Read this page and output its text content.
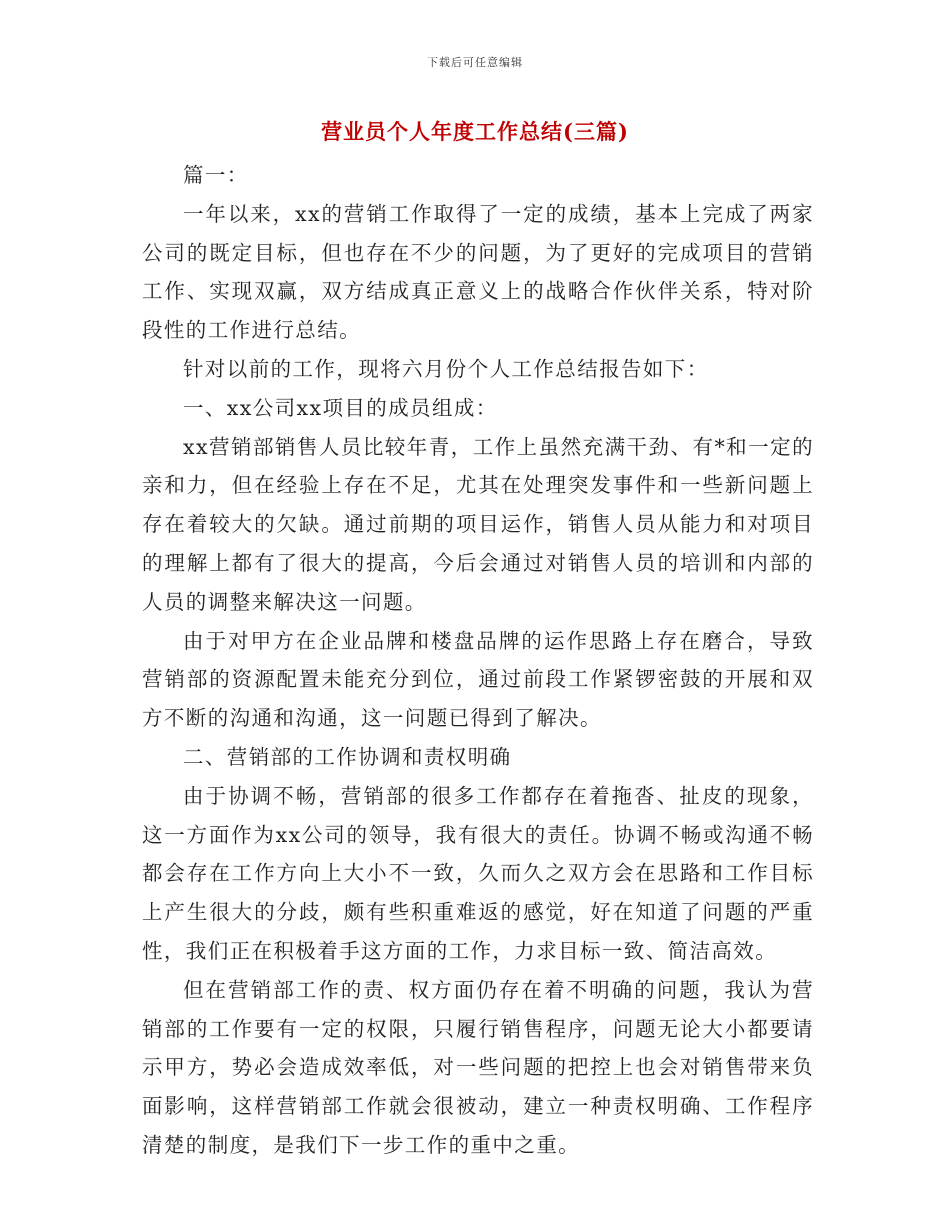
下载后可任意编辑
营业员个人年度工作总结(三篇)

篇一：

一年以来，xx的营销工作取得了一定的成绩，基本上完成了两家公司的既定目标，但也存在不少的问题，为了更好的完成项目的营销工作、实现双赢，双方结成真正意义上的战略合作伙伴关系，特对阶段性的工作进行总结。

针对以前的工作，现将六月份个人工作总结报告如下：

一、xx公司xx项目的成员组成：

xx营销部销售人员比较年青，工作上虽然充满干劲、有*和一定的亲和力，但在经验上存在不足，尤其在处理突发事件和一些新问题上存在着较大的欠缺。通过前期的项目运作，销售人员从能力和对项目的理解上都有了很大的提高，今后会通过对销售人员的培训和内部的人员的调整来解决这一问题。

由于对甲方在企业品牌和楼盘品牌的运作思路上存在磨合，导致营销部的资源配置未能充分到位，通过前段工作紧锣密鼓的开展和双方不断的沟通和沟通，这一问题已得到了解决。

二、营销部的工作协调和责权明确

由于协调不畅，营销部的很多工作都存在着拖沓、扯皮的现象，这一方面作为xx公司的领导，我有很大的责任。协调不畅或沟通不畅都会存在工作方向上大小不一致，久而久之双方会在思路和工作目标上产生很大的分歧，颇有些积重难返的感觉，好在知道了问题的严重性，我们正在积极着手这方面的工作，力求目标一致、简洁高效。

但在营销部工作的责、权方面仍存在着不明确的问题，我认为营销部的工作要有一定的权限，只履行销售程序，问题无论大小都要请示甲方，势必会造成效率低，对一些问题的把控上也会对销售带来负面影响，这样营销部工作就会很被动，建立一种责权明确、工作程序清楚的制度，是我们下一步工作的重中之重。
